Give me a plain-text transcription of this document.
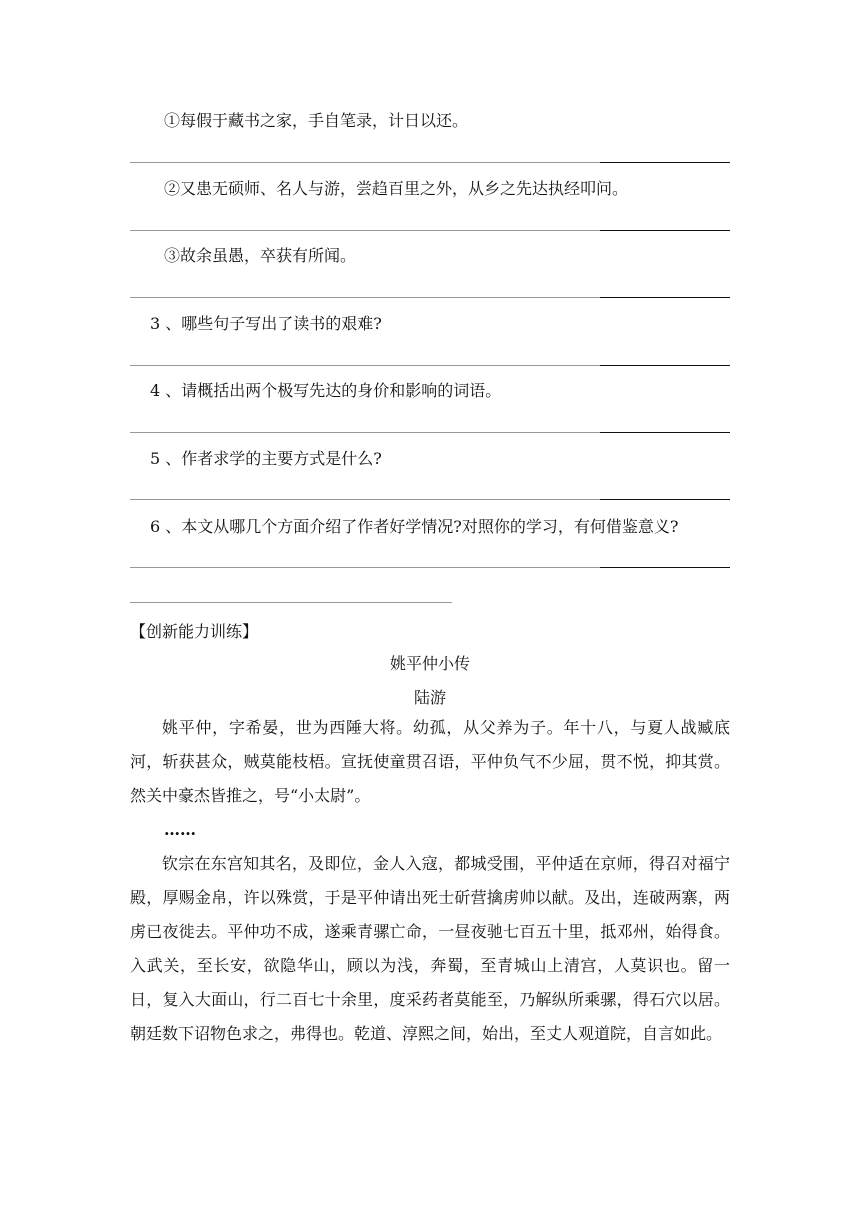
①每假于藏书之家，手自笔录，计日以还。
②又患无硕师、名人与游，尝趋百里之外，从乡之先达执经叩问。
③故余虽愚，卒获有所闻。
3 、哪些句子写出了读书的艰难?
4 、请概括出两个极写先达的身价和影响的词语。
5 、作者求学的主要方式是什么?
6 、本文从哪几个方面介绍了作者好学情况?对照你的学习，有何借鉴意义?
【创新能力训练】
姚平仲小传
陆游

姚平仲，字希晏，世为西陲大将。幼孤，从父养为子。年十八，与夏人战臧底河，斩获甚众，贼莫能枝梧。宣抚使童贯召语，平仲负气不少屈，贯不悦，抑其赏。然关中豪杰皆推之，号“小太尉”。

……

钦宗在东宫知其名，及即位，金人入寇，都城受围，平仲适在京师，得召对福宁殿，厚赐金帛，许以殊赏，于是平仲请出死士斫营擒虏帅以献。及出，连破两寨，两虏已夜徙去。平仲功不成，遂乘青骡亡命，一昼夜驰七百五十里，抵邓州，始得食。入武关，至长安，欲隐华山，顾以为浅，奔蜀，至青城山上清宫，人莫识也。留一日，复入大面山，行二百七十余里，度采药者莫能至，乃解纵所乘骡，得石穴以居。朝廷数下诏物色求之，弗得也。乾道、淳熙之间，始出，至丈人观道院，自言如此。
